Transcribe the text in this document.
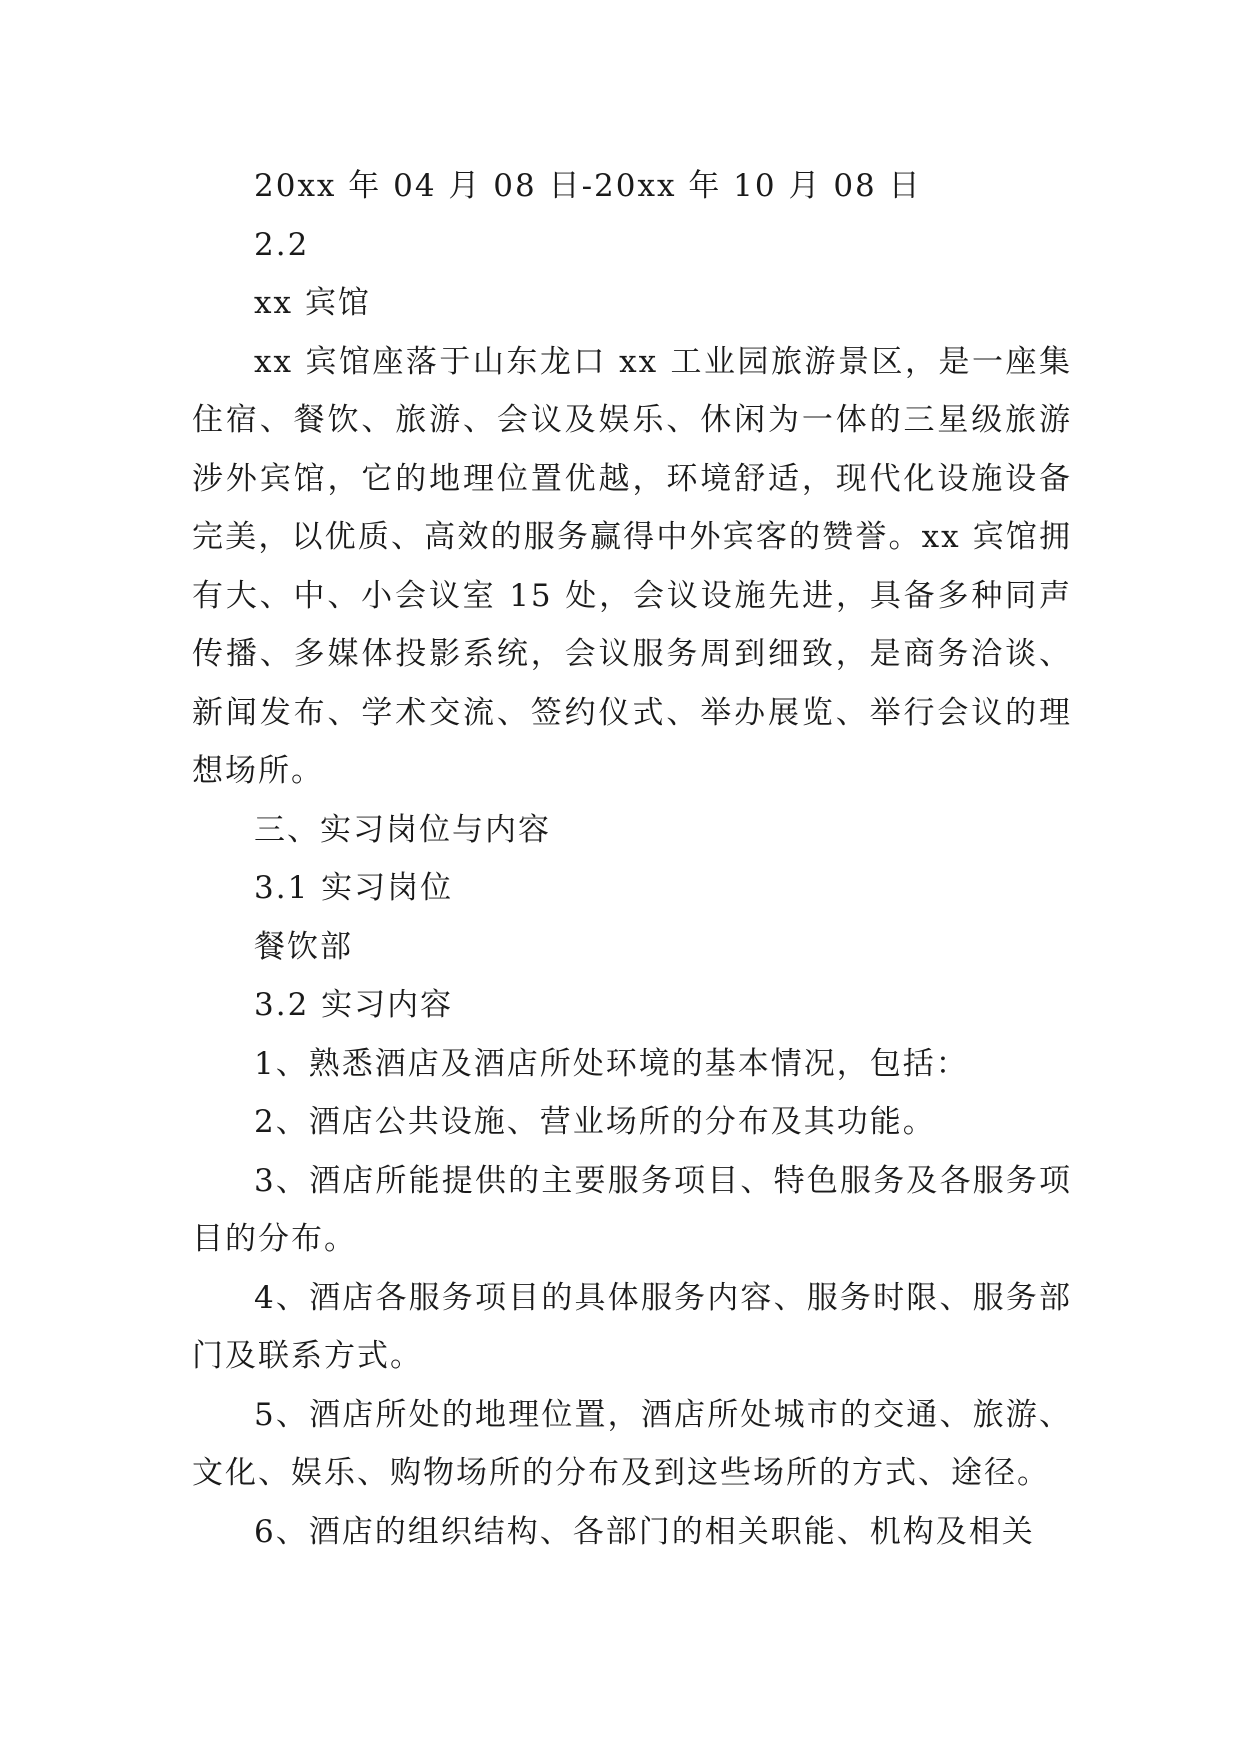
20xx 年 04 月 08 日-20xx 年 10 月 08 日

2.2

xx 宾馆

xx 宾馆座落于山东龙口 xx 工业园旅游景区，是一座集住宿、餐饮、旅游、会议及娱乐、休闲为一体的三星级旅游涉外宾馆，它的地理位置优越，环境舒适，现代化设施设备完美，以优质、高效的服务赢得中外宾客的赞誉。xx 宾馆拥有大、中、小会议室 15 处，会议设施先进，具备多种同声传播、多媒体投影系统，会议服务周到细致，是商务洽谈、新闻发布、学术交流、签约仪式、举办展览、举行会议的理想场所。

三、实习岗位与内容

3.1 实习岗位

餐饮部

3.2 实习内容

1、熟悉酒店及酒店所处环境的基本情况，包括：

2、酒店公共设施、营业场所的分布及其功能。

3、酒店所能提供的主要服务项目、特色服务及各服务项目的分布。

4、酒店各服务项目的具体服务内容、服务时限、服务部门及联系方式。

5、酒店所处的地理位置，酒店所处城市的交通、旅游、文化、娱乐、购物场所的分布及到这些场所的方式、途径。

6、酒店的组织结构、各部门的相关职能、机构及相关
